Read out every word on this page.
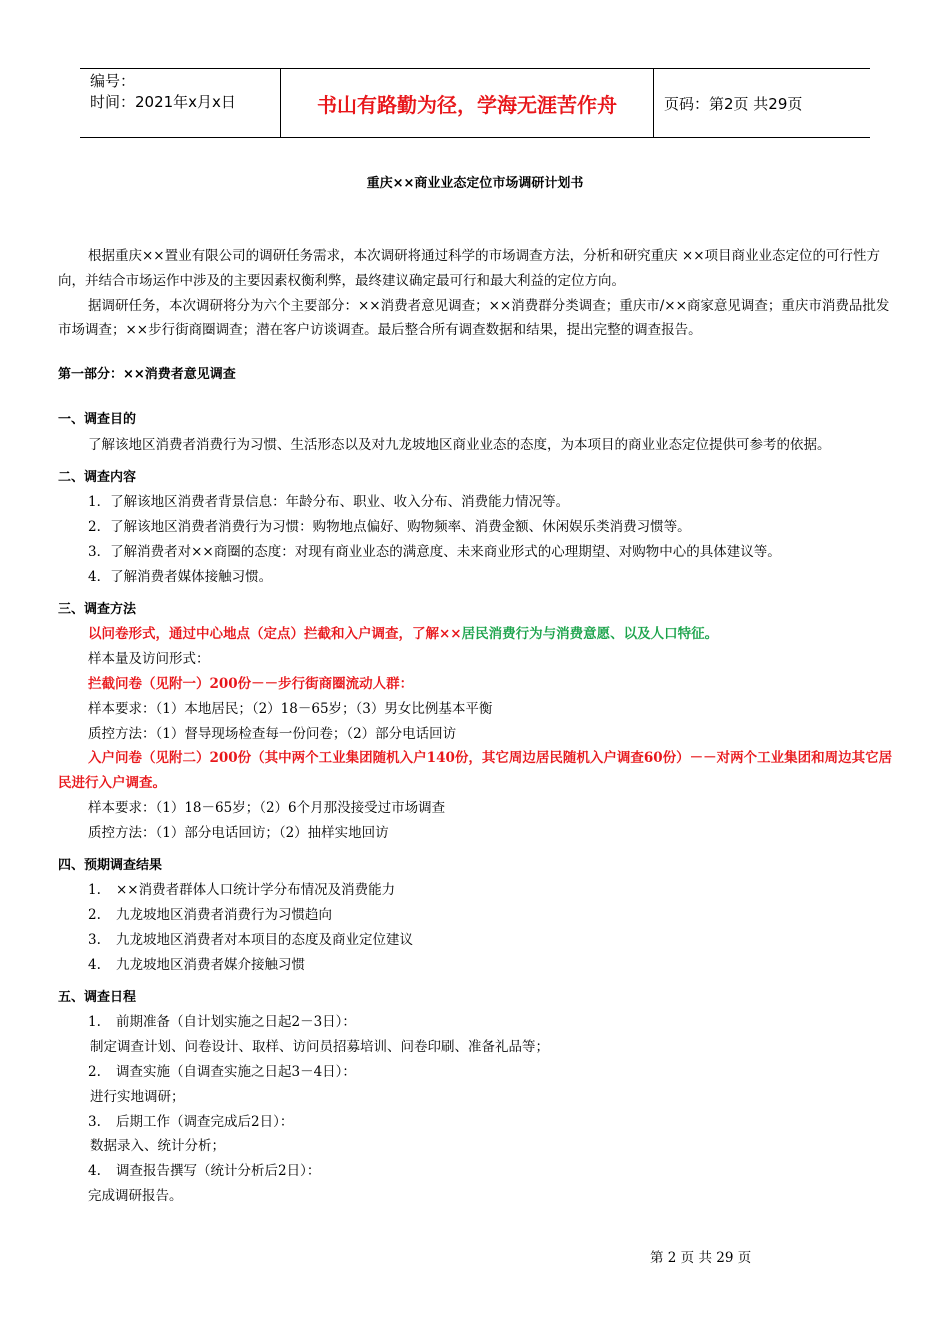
编号：
时间：2021年x月x日	书山有路勤为径，学海无涯苦作舟	页码：第2页 共29页
重庆××商业业态定位市场调研计划书

根据重庆××置业有限公司的调研任务需求，本次调研将通过科学的市场调查方法，分析和研究重庆 ××项目商业业态定位的可行性方向，并结合市场运作中涉及的主要因素权衡利弊，最终建议确定最可行和最大利益的定位方向。

据调研任务，本次调研将分为六个主要部分：××消费者意见调查；××消费群分类调查；重庆市/××商家意见调查；重庆市消费品批发市场调查；××步行街商圈调查；潜在客户访谈调查。最后整合所有调查数据和结果，提出完整的调查报告。

第一部分：××消费者意见调查

一、调查目的

了解该地区消费者消费行为习惯、生活形态以及对九龙坡地区商业业态的态度，为本项目的商业业态定位提供可参考的依据。

二、调查内容

1．了解该地区消费者背景信息：年龄分布、职业、收入分布、消费能力情况等。

2．了解该地区消费者消费行为习惯：购物地点偏好、购物频率、消费金额、休闲娱乐类消费习惯等。

3．了解消费者对××商圈的态度：对现有商业业态的满意度、未来商业形式的心理期望、对购物中心的具体建议等。

4．了解消费者媒体接触习惯。

三、调查方法

以问卷形式，通过中心地点（定点）拦截和入户调查，了解××居民消费行为与消费意愿、以及人口特征。

样本量及访问形式：

拦截问卷（见附一）200份－－步行街商圈流动人群：

样本要求：（1）本地居民；（2）18－65岁；（3）男女比例基本平衡

质控方法：（1）督导现场检查每一份问卷；（2）部分电话回访

入户问卷（见附二）200份（其中两个工业集团随机入户140份，其它周边居民随机入户调查60份）－－对两个工业集团和周边其它居民进行入户调查。

样本要求：（1）18－65岁；（2）6个月那没接受过市场调查

质控方法：（1）部分电话回访；（2）抽样实地回访

四、预期调查结果

1. ××消费者群体人口统计学分布情况及消费能力

2. 九龙坡地区消费者消费行为习惯趋向

3. 九龙坡地区消费者对本项目的态度及商业定位建议

4. 九龙坡地区消费者媒介接触习惯

五、调查日程

1. 前期准备（自计划实施之日起2－3日）：

制定调查计划、问卷设计、取样、访问员招募培训、问卷印刷、准备礼品等；

2. 调查实施（自调查实施之日起3－4日）：

进行实地调研；

3. 后期工作（调查完成后2日）：

数据录入、统计分析；

4. 调查报告撰写（统计分析后2日）：

完成调研报告。

第 2 页 共 29 页
